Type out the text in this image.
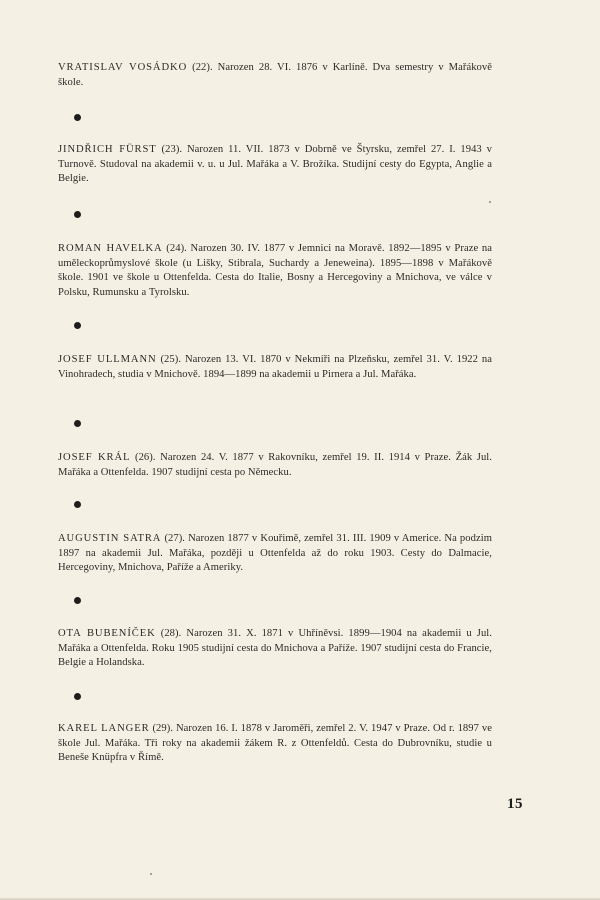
VRATISLAV VOSÁDKO (22). Narozen 28. VI. 1876 v Karlíně. Dva semestry v Mařákově škole.

JINDŘICH FÜRST (23). Narozen 11. VII. 1873 v Dobrně ve Štyrsku, zemřel 27. I. 1943 v Turnově. Studoval na akademii v. u. u Jul. Mařáka a V. Brožíka. Studijní cesty do Egypta, Anglie a Belgie.

ROMAN HAVELKA (24). Narozen 30. IV. 1877 v Jemnici na Moravě. 1892—1895 v Praze na uměleckoprůmyslové škole (u Lišky, Stibrala, Suchardy a Jeneweina). 1895—1898 v Mařákově škole. 1901 ve škole u Ottenfelda. Cesta do Italie, Bosny a Hercegoviny a Mnichova, ve válce v Polsku, Rumunsku a Tyrolsku.

JOSEF ULLMANN (25). Narozen 13. VI. 1870 v Nekmíři na Plzeňsku, zemřel 31. V. 1922 na Vinohradech, studia v Mnichově. 1894—1899 na akademii u Pirnera a Jul. Mařáka.

JOSEF KRÁL (26). Narozen 24. V. 1877 v Rakovníku, zemřel 19. II. 1914 v Praze. Žák Jul. Mařáka a Ottenfelda. 1907 studijní cesta po Německu.

AUGUSTIN SATRA (27). Narozen 1877 v Kouřimě, zemřel 31. III. 1909 v Americe. Na podzim 1897 na akademii Jul. Mařáka, později u Ottenfelda až do roku 1903. Cesty do Dalmacie, Hercegoviny, Mnichova, Paříže a Ameriky.

OTA BUBENÍČEK (28). Narozen 31. X. 1871 v Uhříněvsi. 1899—1904 na akademii u Jul. Mařáka a Ottenfelda. Roku 1905 studijní cesta do Mnichova a Paříže. 1907 studijní cesta do Francie, Belgie a Holandska.

KAREL LANGER (29). Narozen 16. I. 1878 v Jaroměři, zemřel 2. V. 1947 v Praze. Od r. 1897 ve škole Jul. Mařáka. Tři roky na akademii žákem R. z Ottenfeldů. Cesta do Dubrovníku, studie u Beneše Knüpfra v Římě.

15
